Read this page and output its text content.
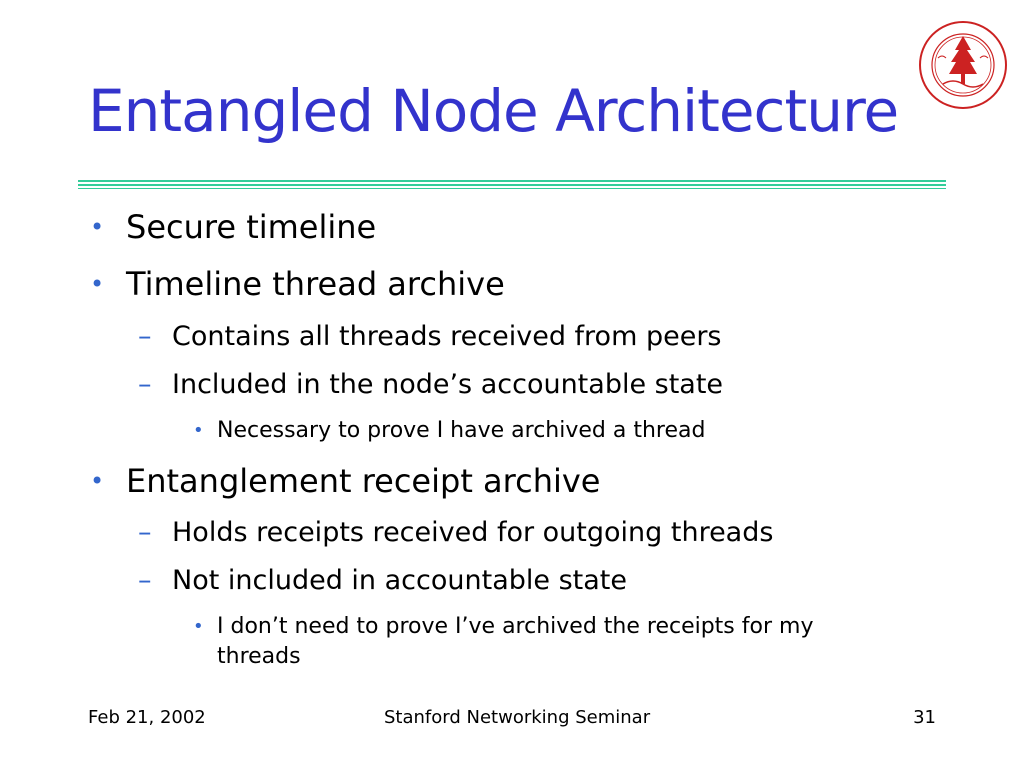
Entangled Node Architecture
• Secure timeline
• Timeline thread archive
– Contains all threads received from peers
– Included in the node’s accountable state
• Necessary to prove I have archived a thread
• Entanglement receipt archive
– Holds receipts received for outgoing threads
– Not included in accountable state
• I don’t need to prove I’ve archived the receipts for my
threads
Feb 21, 2002	Stanford Networking Seminar	31
